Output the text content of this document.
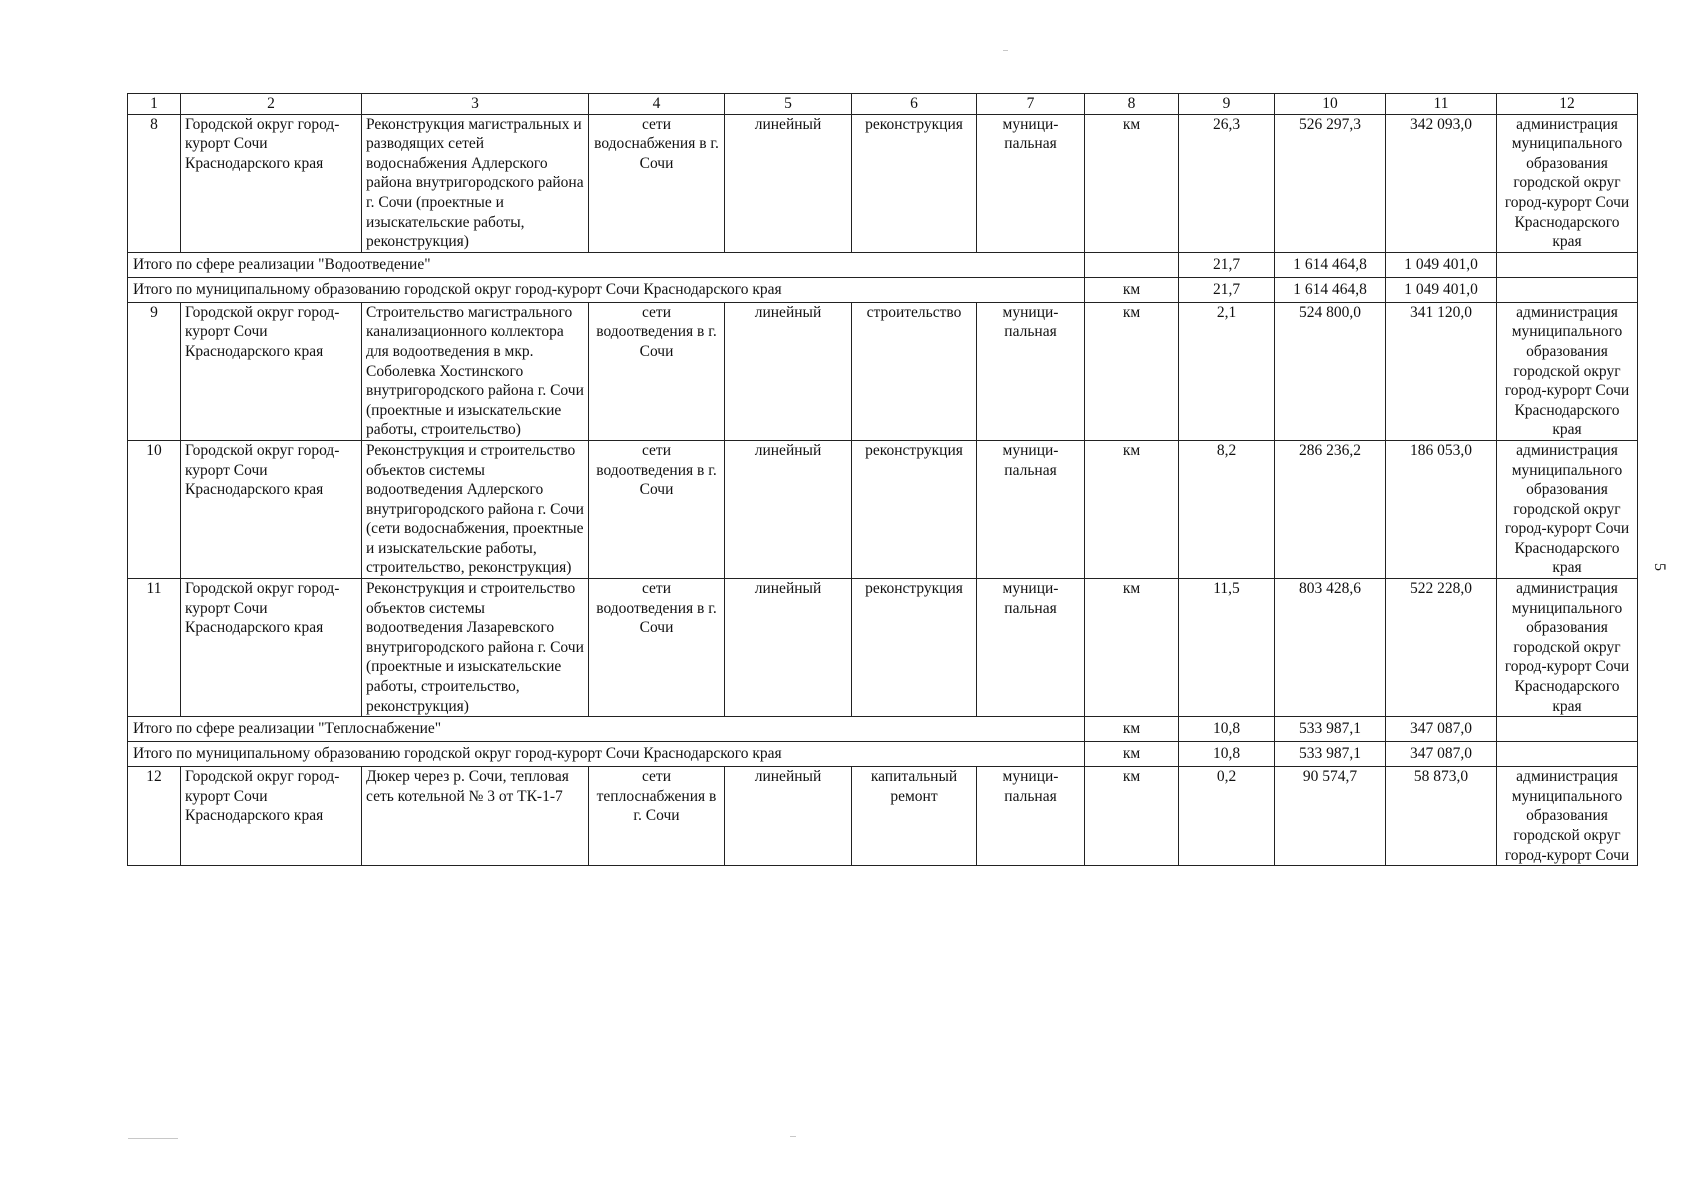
1	2	3	4	5	6	7	8	9	10	11	12
8	Городской округ город-курорт Сочи Краснодарского края	Реконструкция магистральных и разводящих сетей водоснабжения Адлерского района внутригородского района г. Сочи (проектные и изыскательские работы, реконструкция)	сети водоснабжения в г. Сочи	линейный	реконструкция	муници-пальная	км	26,3	526 297,3	342 093,0	администрация муниципального образования городской округ город-курорт Сочи Краснодарского края
Итого по сфере реализации "Водоотведение"								21,7	1 614 464,8	1 049 401,0	
Итого по муниципальному образованию городской округ город-курорт Сочи Краснодарского края							км	21,7	1 614 464,8	1 049 401,0	
9	Городской округ город-курорт Сочи Краснодарского края	Строительство магистрального канализационного коллектора для водоотведения в мкр. Соболевка Хостинского внутригородского района г. Сочи (проектные и изыскательские работы, строительство)	сети водоотведения в г. Сочи	линейный	строительство	муници-пальная	км	2,1	524 800,0	341 120,0	администрация муниципального образования городской округ город-курорт Сочи Краснодарского края
10	Городской округ город-курорт Сочи Краснодарского края	Реконструкция и строительство объектов системы водоотведения Адлерского внутригородского района г. Сочи (сети водоснабжения, проектные и изыскательские работы, строительство, реконструкция)	сети водоотведения в г. Сочи	линейный	реконструкция	муници-пальная	км	8,2	286 236,2	186 053,0	администрация муниципального образования городской округ город-курорт Сочи Краснодарского края
11	Городской округ город-курорт Сочи Краснодарского края	Реконструкция и строительство объектов системы водоотведения Лазаревского внутригородского района г. Сочи (проектные и изыскательские работы, строительство, реконструкция)	сети водоотведения в г. Сочи	линейный	реконструкция	муници-пальная	км	11,5	803 428,6	522 228,0	администрация муниципального образования городской округ город-курорт Сочи Краснодарского края
Итого по сфере реализации "Теплоснабжение"							км	10,8	533 987,1	347 087,0	
Итого по муниципальному образованию городской округ город-курорт Сочи Краснодарского края							км	10,8	533 987,1	347 087,0	
12	Городской округ город-курорт Сочи Краснодарского края	Дюкер через р. Сочи, тепловая сеть котельной № 3 от ТК-1-7	сети теплоснабжения в г. Сочи	линейный	капитальный ремонт	муници-пальная	км	0,2	90 574,7	58 873,0	администрация муниципального образования городской округ город-курорт Сочи
5
